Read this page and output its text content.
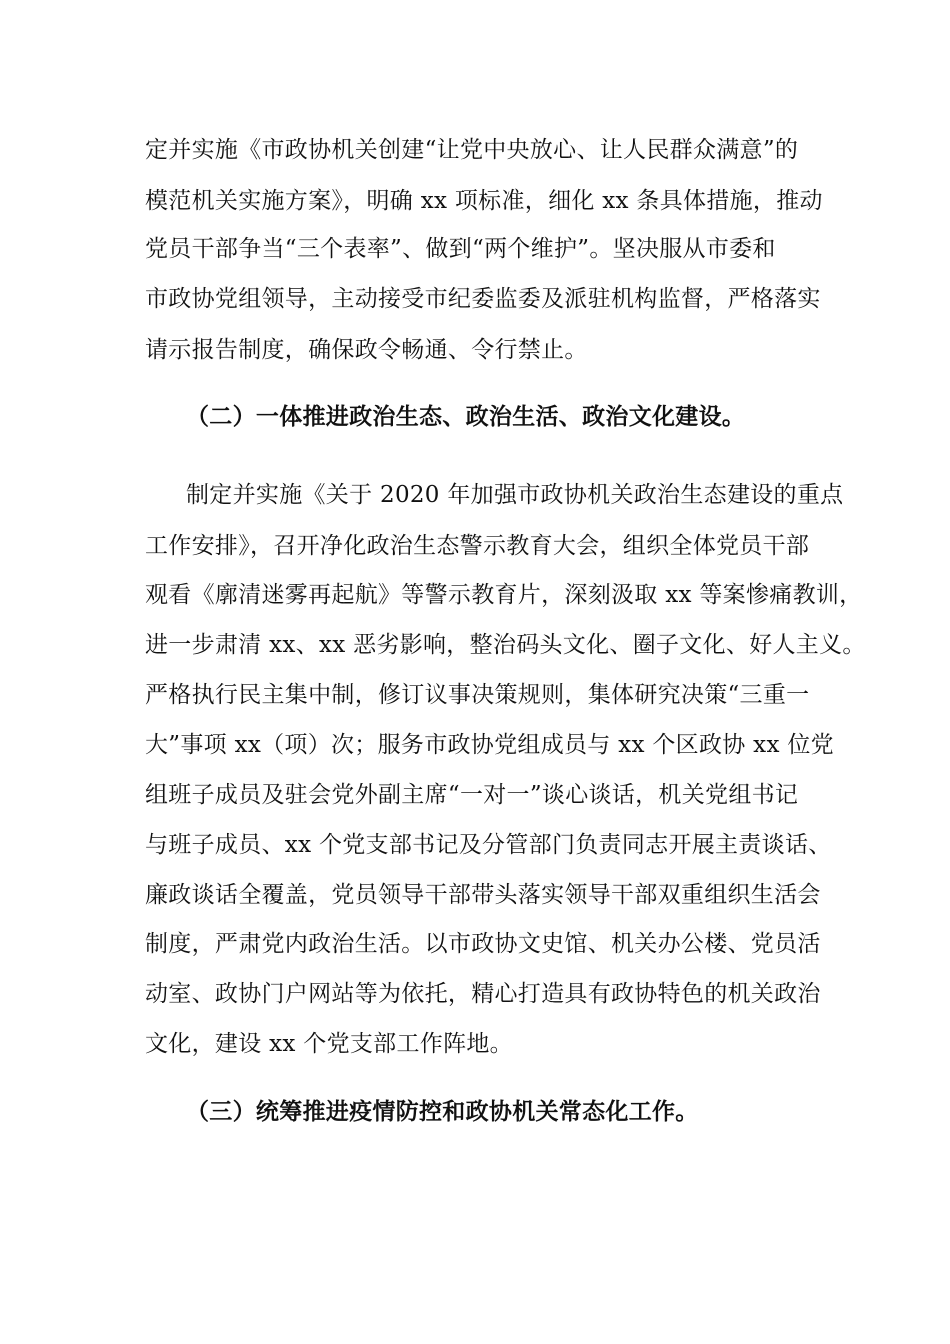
定并实施《市政协机关创建“让党中央放心、让人民群众满意”的
模范机关实施方案》，明确 xx 项标准，细化 xx 条具体措施，推动
党员干部争当“三个表率”、做到“两个维护”。坚决服从市委和
市政协党组领导，主动接受市纪委监委及派驻机构监督，严格落实
请示报告制度，确保政令畅通、令行禁止。
（二）一体推进政治生态、政治生活、政治文化建设。
制定并实施《关于 2020 年加强市政协机关政治生态建设的重点
工作安排》，召开净化政治生态警示教育大会，组织全体党员干部
观看《廓清迷雾再起航》等警示教育片，深刻汲取 xx 等案惨痛教训，
进一步肃清 xx、xx 恶劣影响，整治码头文化、圈子文化、好人主义。
严格执行民主集中制，修订议事决策规则，集体研究决策“三重一
大”事项 xx（项）次；服务市政协党组成员与 xx 个区政协 xx 位党
组班子成员及驻会党外副主席“一对一”谈心谈话，机关党组书记
与班子成员、xx 个党支部书记及分管部门负责同志开展主责谈话、
廉政谈话全覆盖，党员领导干部带头落实领导干部双重组织生活会
制度，严肃党内政治生活。以市政协文史馆、机关办公楼、党员活
动室、政协门户网站等为依托，精心打造具有政协特色的机关政治
文化，建设 xx 个党支部工作阵地。
（三）统筹推进疫情防控和政协机关常态化工作。
